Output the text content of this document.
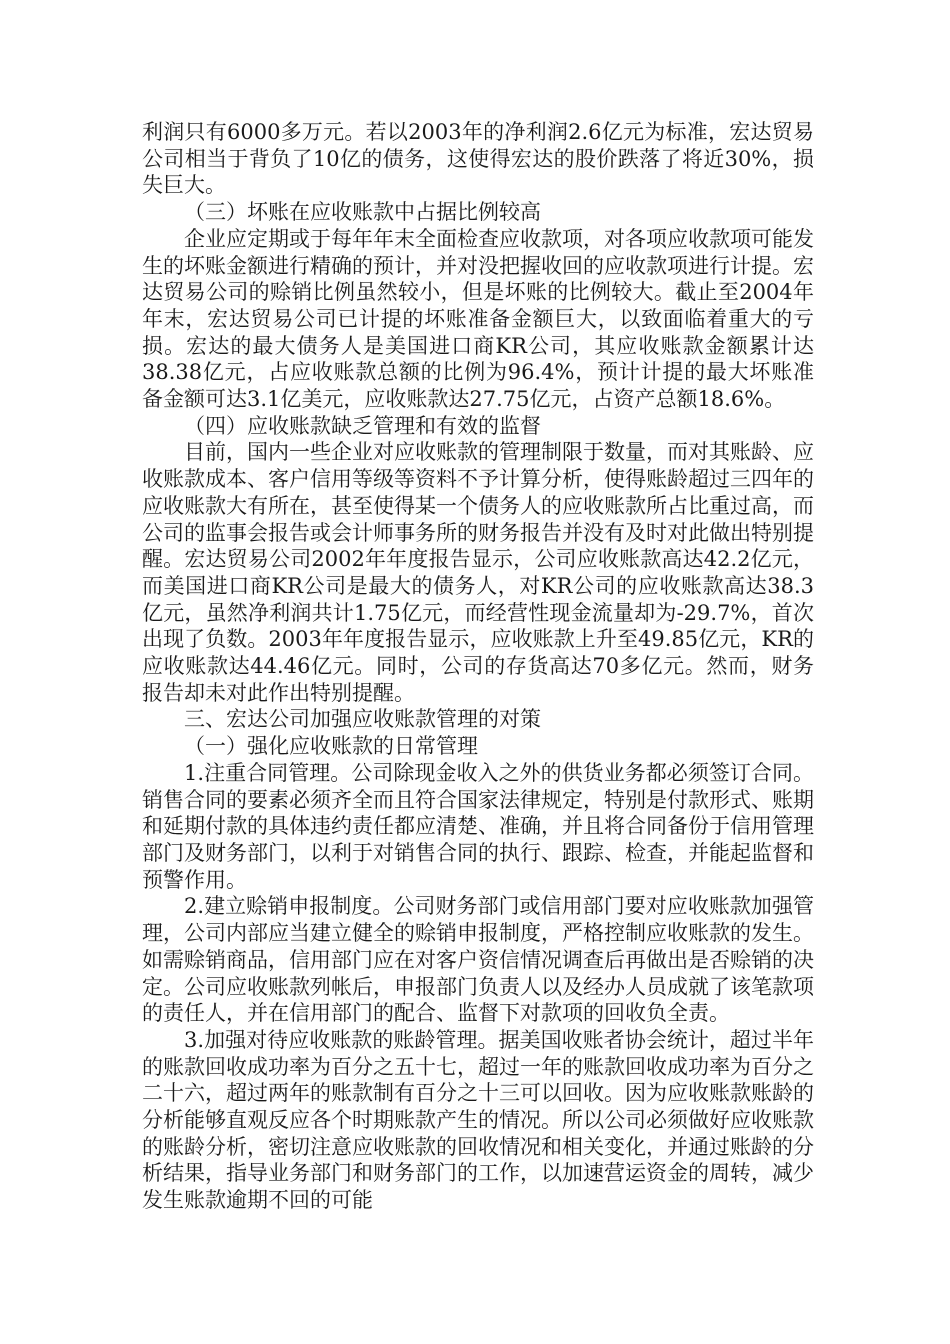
利润只有6000多万元。若以2003年的净利润2.6亿元为标准，宏达贸易公司相当于背负了10亿的债务，这使得宏达的股价跌落了将近30%，损失巨大。

（三）坏账在应收账款中占据比例较高

企业应定期或于每年年末全面检查应收款项，对各项应收款项可能发生的坏账金额进行精确的预计，并对没把握收回的应收款项进行计提。宏达贸易公司的赊销比例虽然较小，但是坏账的比例较大。截止至2004年年末，宏达贸易公司已计提的坏账准备金额巨大，以致面临着重大的亏损。宏达的最大债务人是美国进口商KR公司，其应收账款金额累计达38.38亿元，占应收账款总额的比例为96.4%，预计计提的最大坏账准备金额可达3.1亿美元，应收账款达27.75亿元，占资产总额18.6%。

（四）应收账款缺乏管理和有效的监督

目前，国内一些企业对应收账款的管理制限于数量，而对其账龄、应收账款成本、客户信用等级等资料不予计算分析，使得账龄超过三四年的应收账款大有所在，甚至使得某一个债务人的应收账款所占比重过高，而公司的监事会报告或会计师事务所的财务报告并没有及时对此做出特别提醒。宏达贸易公司2002年年度报告显示，公司应收账款高达42.2亿元，而美国进口商KR公司是最大的债务人，对KR公司的应收账款高达38.3亿元，虽然净利润共计1.75亿元，而经营性现金流量却为-29.7%，首次出现了负数。2003年年度报告显示，应收账款上升至49.85亿元，KR的应收账款达44.46亿元。同时，公司的存货高达70多亿元。然而，财务报告却未对此作出特别提醒。

三、宏达公司加强应收账款管理的对策

（一）强化应收账款的日常管理

1.注重合同管理。公司除现金收入之外的供货业务都必须签订合同。销售合同的要素必须齐全而且符合国家法律规定，特别是付款形式、账期和延期付款的具体违约责任都应清楚、准确，并且将合同备份于信用管理部门及财务部门，以利于对销售合同的执行、跟踪、检查，并能起监督和预警作用。

2.建立赊销申报制度。公司财务部门或信用部门要对应收账款加强管理，公司内部应当建立健全的赊销申报制度，严格控制应收账款的发生。如需赊销商品，信用部门应在对客户资信情况调查后再做出是否赊销的决定。公司应收账款列帐后，申报部门负责人以及经办人员成就了该笔款项的责任人，并在信用部门的配合、监督下对款项的回收负全责。

3.加强对待应收账款的账龄管理。据美国收账者协会统计，超过半年的账款回收成功率为百分之五十七，超过一年的账款回收成功率为百分之二十六，超过两年的账款制有百分之十三可以回收。因为应收账款账龄的分析能够直观反应各个时期账款产生的情况。所以公司必须做好应收账款的账龄分析，密切注意应收账款的回收情况和相关变化，并通过账龄的分析结果，指导业务部门和财务部门的工作，以加速营运资金的周转，减少发生账款逾期不回的可能
